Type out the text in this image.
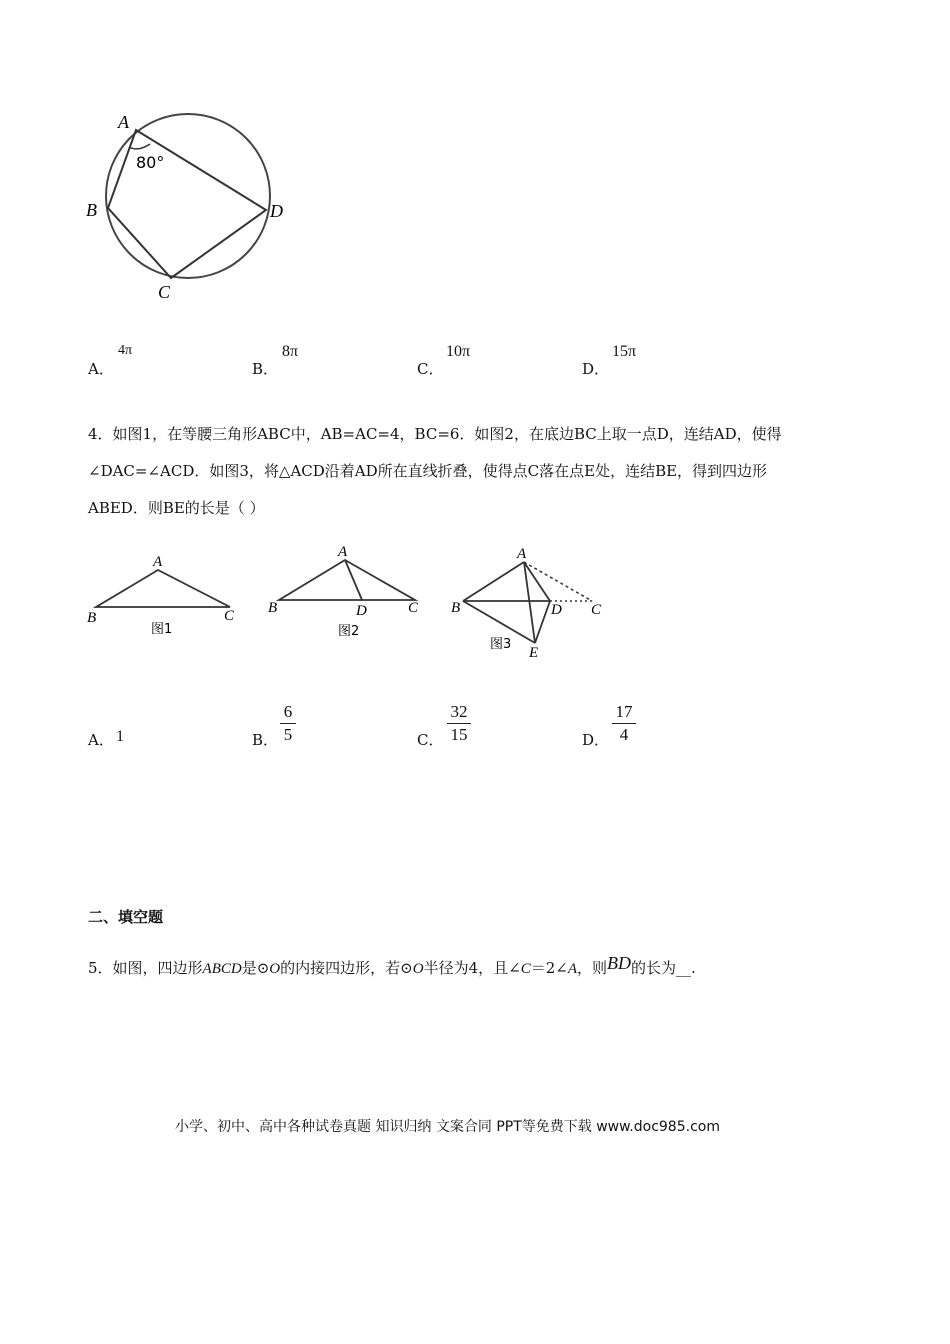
A
B
C
D
80°
A．
4π
B．
8π
C．
10π
D．
15π
4．如图1，在等腰三角形ABC中，AB=AC=4，BC=6．如图2，在底边BC上取一点D，连结AD，使得
∠DAC=∠ACD．如图3，将△ACD沿着AD所在直线折叠，使得点C落在点E处，连结BE，得到四边形
ABED．则BE的长是（ ）
A
B	C
图1
A
B	D	C
图2
A
B	D C
E
图3
A． 1	B．
6
5	C．
32
15	D．
17
4
二、填空题
5．如图，四边形ABCD是⊙O的内接四边形，若⊙O半径为4，且∠C＝2∠A，则BD的长为__.
小学、初中、高中各种试卷真题 知识归纳 文案合同 PPT等免费下载 www.doc985.com
